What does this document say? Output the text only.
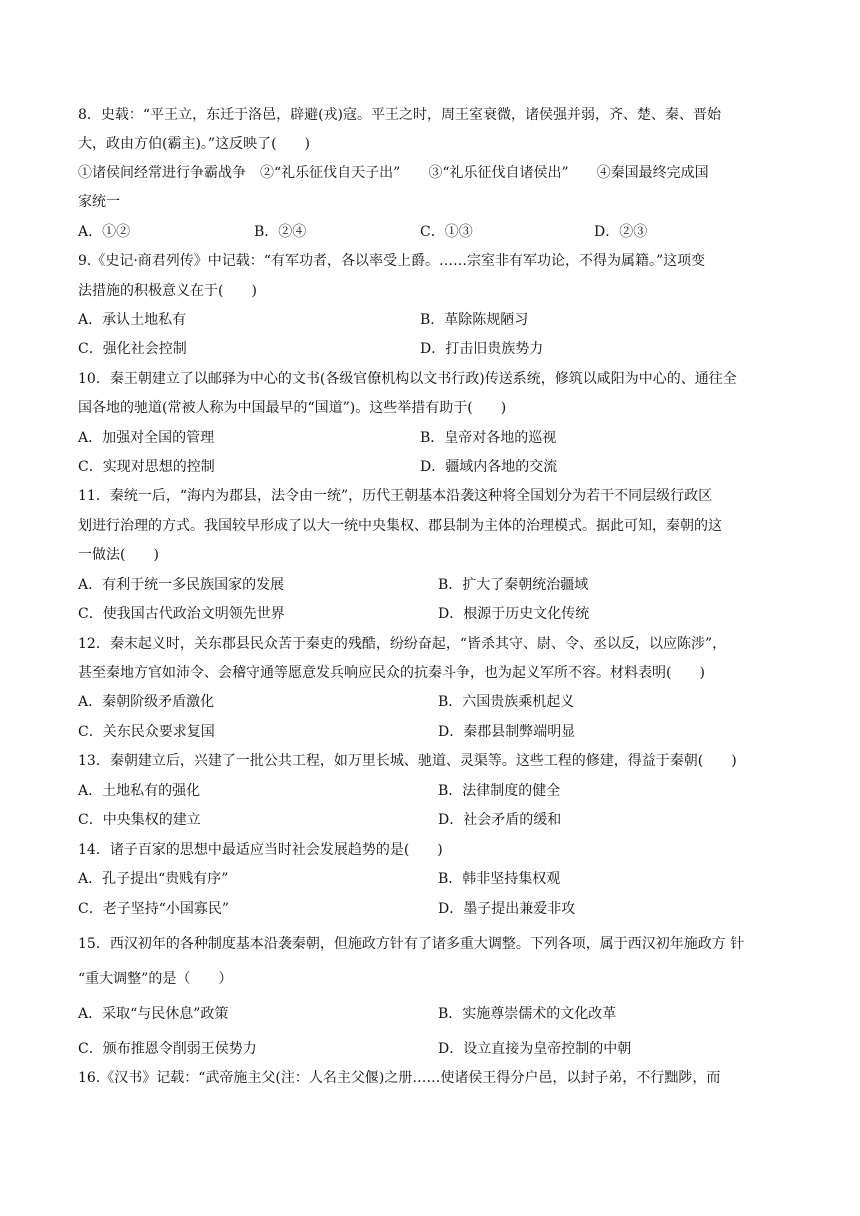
8．史载：“平王立，东迁于洛邑，辟避(戎)寇。平王之时，周王室衰微，诸侯强并弱，齐、楚、秦、晋始
大，政由方伯(霸主)。”这反映了(　　)
①诸侯间经常进行争霸战争　②“礼乐征伐自天子出”　　③“礼乐征伐自诸侯出”　　④秦国最终完成国
家统一
A．①②	B．②④	C．①③	D．②③
9.《史记·商君列传》中记载：“有军功者，各以率受上爵。……宗室非有军功论，不得为属籍。”这项变
法措施的积极意义在于(　　)
A．承认土地私有	B．革除陈规陋习
C．强化社会控制	D．打击旧贵族势力
10．秦王朝建立了以邮驿为中心的文书(各级官僚机构以文书行政)传送系统，修筑以咸阳为中心的、通往全
国各地的驰道(常被人称为中国最早的“国道”)。这些举措有助于(　　)
A．加强对全国的管理	B．皇帝对各地的巡视
C．实现对思想的控制	D．疆域内各地的交流
11．秦统一后，“海内为郡县，法令由一统”，历代王朝基本沿袭这种将全国划分为若干不同层级行政区
划进行治理的方式。我国较早形成了以大一统中央集权、郡县制为主体的治理模式。据此可知，秦朝的这
一做法(　　)
A．有利于统一多民族国家的发展	B．扩大了秦朝统治疆域
C．使我国古代政治文明领先世界	D．根源于历史文化传统
12．秦末起义时，关东郡县民众苦于秦吏的残酷，纷纷奋起，“皆杀其守、尉、令、丞以反，以应陈涉”，
甚至秦地方官如沛令、会稽守通等愿意发兵响应民众的抗秦斗争，也为起义军所不容。材料表明(　　)
A．秦朝阶级矛盾激化	B．六国贵族乘机起义
C．关东民众要求复国	D．秦郡县制弊端明显
13．秦朝建立后，兴建了一批公共工程，如万里长城、驰道、灵渠等。这些工程的修建，得益于秦朝(　　)
A．土地私有的强化	B．法律制度的健全
C．中央集权的建立	D．社会矛盾的缓和
14．诸子百家的思想中最适应当时社会发展趋势的是(　　)
A．孔子提出“贵贱有序”	B．韩非坚持集权观
C．老子坚持“小国寡民”	D．墨子提出兼爱非攻
15．西汉初年的各种制度基本沿袭秦朝，但施政方针有了诸多重大调整。下列各项，属于西汉初年施政方 针
“重大调整”的是（　　）
A．采取“与民休息”政策	B．实施尊崇儒术的文化改革
C．颁布推恩令削弱王侯势力	D．设立直接为皇帝控制的中朝
16.《汉书》记载：“武帝施主父(注：人名主父偃)之册……使诸侯王得分户邑，以封子弟，不行黜陟，而
